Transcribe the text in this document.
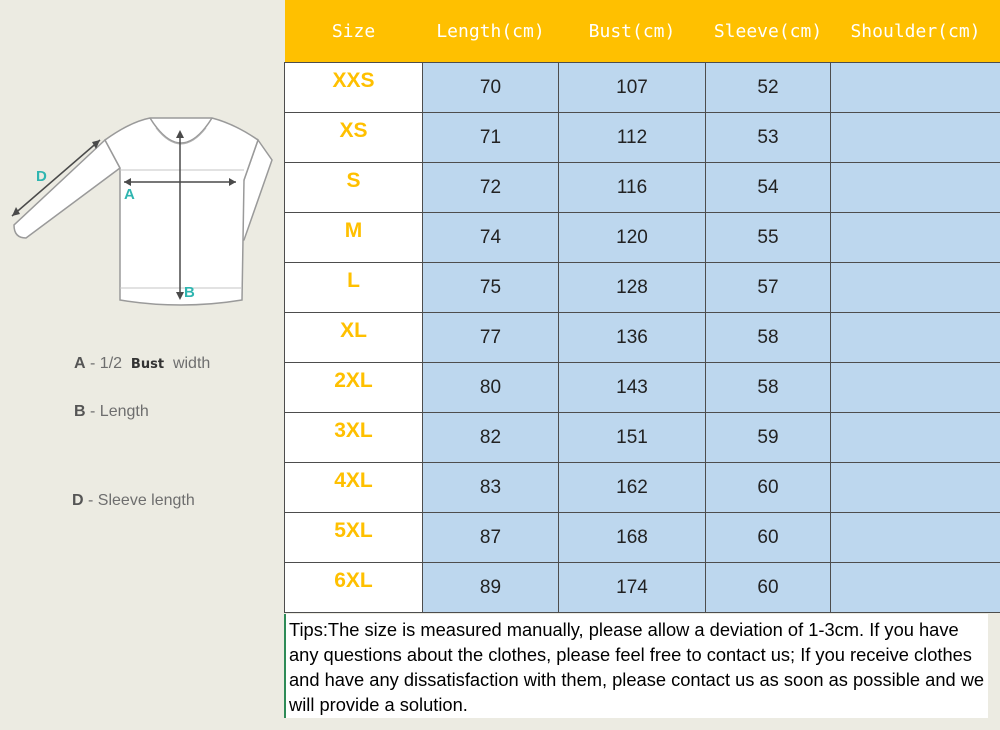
A
B
D
A - 1/2 Bust width
B - Length
D - Sleeve length
Size	Length(cm)	Bust(cm)	Sleeve(cm)	Shoulder(cm)
XXS	70	107	52	
XS	71	112	53	
S	72	116	54	
M	74	120	55	
L	75	128	57	
XL	77	136	58	
2XL	80	143	58	
3XL	82	151	59	
4XL	83	162	60	
5XL	87	168	60	
6XL	89	174	60	
Tips:The size is measured manually, please allow a deviation of 1-3cm. If you have any questions about the clothes, please feel free to contact us; If you receive clothes and have any dissatisfaction with them, please contact us as soon as possible and we will provide a solution.
